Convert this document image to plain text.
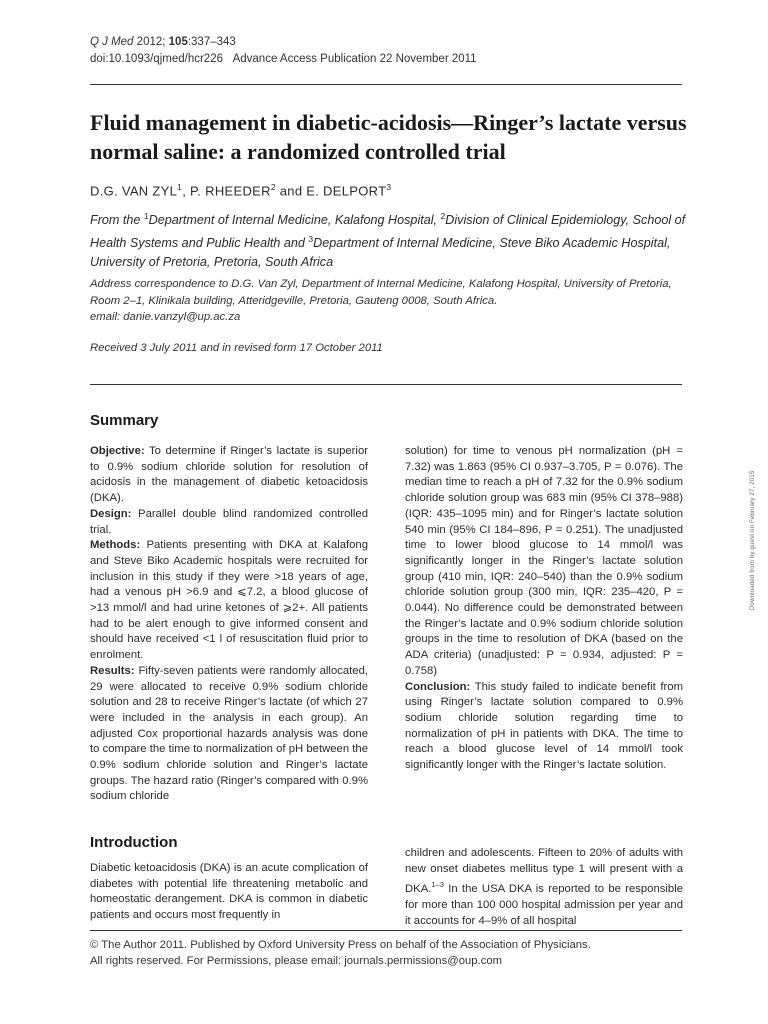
Q J Med 2012; 105:337–343
doi:10.1093/qjmed/hcr226 Advance Access Publication 22 November 2011
Fluid management in diabetic-acidosis—Ringer’s lactate versus normal saline: a randomized controlled trial
D.G. VAN ZYL$^1$, P. RHEEDER$^2$ and E. DELPORT$^3$
From the $^1$Department of Internal Medicine, Kalafong Hospital, $^2$Division of Clinical Epidemiology, School of Health Systems and Public Health and $^3$Department of Internal Medicine, Steve Biko Academic Hospital, University of Pretoria, Pretoria, South Africa
Address correspondence to D.G. Van Zyl, Department of Internal Medicine, Kalafong Hospital, University of Pretoria, Room 2–1, Klinikala building, Atteridgeville, Pretoria, Gauteng 0008, South Africa.
email: danie.vanzyl@up.ac.za
Received 3 July 2011 and in revised form 17 October 2011
Summary

Objective: To determine if Ringer’s lactate is superior to 0.9% sodium chloride solution for resolution of acidosis in the management of diabetic ketoacidosis (DKA).

Design: Parallel double blind randomized controlled trial.

Methods: Patients presenting with DKA at Kalafong and Steve Biko Academic hospitals were recruited for inclusion in this study if they were >18 years of age, had a venous pH >6.9 and ⩽7.2, a blood glucose of >13 mmol/l and had urine ketones of ⩾2+. All patients had to be alert enough to give informed consent and should have received <1 l of resuscitation fluid prior to enrolment.

Results: Fifty-seven patients were randomly allocated, 29 were allocated to receive 0.9% sodium chloride solution and 28 to receive Ringer’s lactate (of which 27 were included in the analysis in each group). An adjusted Cox proportional hazards analysis was done to compare the time to normalization of pH between the 0.9% sodium chloride solution and Ringer’s lactate groups. The hazard ratio (Ringer’s compared with 0.9% sodium chloride

solution) for time to venous pH normalization (pH = 7.32) was 1.863 (95% CI 0.937–3.705, P = 0.076). The median time to reach a pH of 7.32 for the 0.9% sodium chloride solution group was 683 min (95% CI 378–988) (IQR: 435–1095 min) and for Ringer’s lactate solution 540 min (95% CI 184–896, P = 0.251). The unadjusted time to lower blood glucose to 14 mmol/l was significantly longer in the Ringer’s lactate solution group (410 min, IQR: 240–540) than the 0.9% sodium chloride solution group (300 min, IQR: 235–420, P = 0.044). No difference could be demonstrated between the Ringer’s lactate and 0.9% sodium chloride solution groups in the time to resolution of DKA (based on the ADA criteria) (unadjusted: P = 0.934, adjusted: P = 0.758)

Conclusion: This study failed to indicate benefit from using Ringer’s lactate solution compared to 0.9% sodium chloride solution regarding time to normalization of pH in patients with DKA. The time to reach a blood glucose level of 14 mmol/l took significantly longer with the Ringer’s lactate solution.

Introduction

Diabetic ketoacidosis (DKA) is an acute complication of diabetes with potential life threatening metabolic and homeostatic derangement. DKA is common in diabetic patients and occurs most frequently in

children and adolescents. Fifteen to 20% of adults with new onset diabetes mellitus type 1 will present with a DKA.$^{1-3}$ In the USA DKA is reported to be responsible for more than 100 000 hospital admission per year and it accounts for 4–9% of all hospital

© The Author 2011. Published by Oxford University Press on behalf of the Association of Physicians.
All rights reserved. For Permissions, please email: journals.permissions@oup.com
Downloaded from by guest on February 27, 2015
